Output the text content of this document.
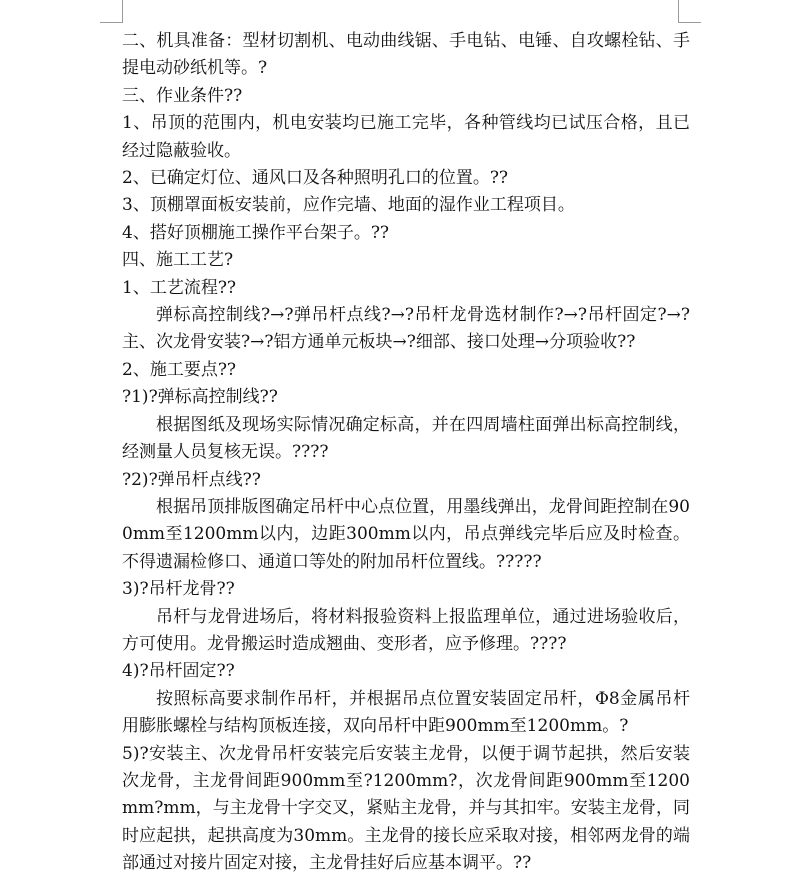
二、机具准备：型材切割机、电动曲线锯、手电钻、电锤、自攻螺栓钻、手提电动砂纸机等。?

三、作业条件??

1、吊顶的范围内，机电安装均已施工完毕，各种管线均已试压合格，且已经过隐蔽验收。

2、已确定灯位、通风口及各种照明孔口的位置。??

3、顶棚罩面板安装前，应作完墙、地面的湿作业工程项目。

4、搭好顶棚施工操作平台架子。??

四、施工工艺?

1、工艺流程??

弹标高控制线?→?弹吊杆点线?→?吊杆龙骨选材制作?→?吊杆固定?→?主、次龙骨安装?→?铝方通单元板块→?细部、接口处理→分项验收??

2、施工要点??

?1)?弹标高控制线??

根据图纸及现场实际情况确定标高，并在四周墙柱面弹出标高控制线，经测量人员复核无误。????

?2)?弹吊杆点线??

根据吊顶排版图确定吊杆中心点位置，用墨线弹出，龙骨间距控制在900mm至1200mm以内，边距300mm以内，吊点弹线完毕后应及时检查。不得遗漏检修口、通道口等处的附加吊杆位置线。?????

3)?吊杆龙骨??

吊杆与龙骨进场后，将材料报验资料上报监理单位，通过进场验收后，方可使用。龙骨搬运时造成翘曲、变形者，应予修理。????

4)?吊杆固定??

按照标高要求制作吊杆，并根据吊点位置安装固定吊杆，Φ8金属吊杆用膨胀螺栓与结构顶板连接，双向吊杆中距900mm至1200mm。?

5)?安装主、次龙骨吊杆安装完后安装主龙骨，以便于调节起拱，然后安装次龙骨，主龙骨间距900mm至?1200mm?，次龙骨间距900mm至1200mm?mm，与主龙骨十字交叉，紧贴主龙骨，并与其扣牢。安装主龙骨，同时应起拱，起拱高度为30mm。主龙骨的接长应采取对接，相邻两龙骨的端部通过对接片固定对接，主龙骨挂好后应基本调平。??
